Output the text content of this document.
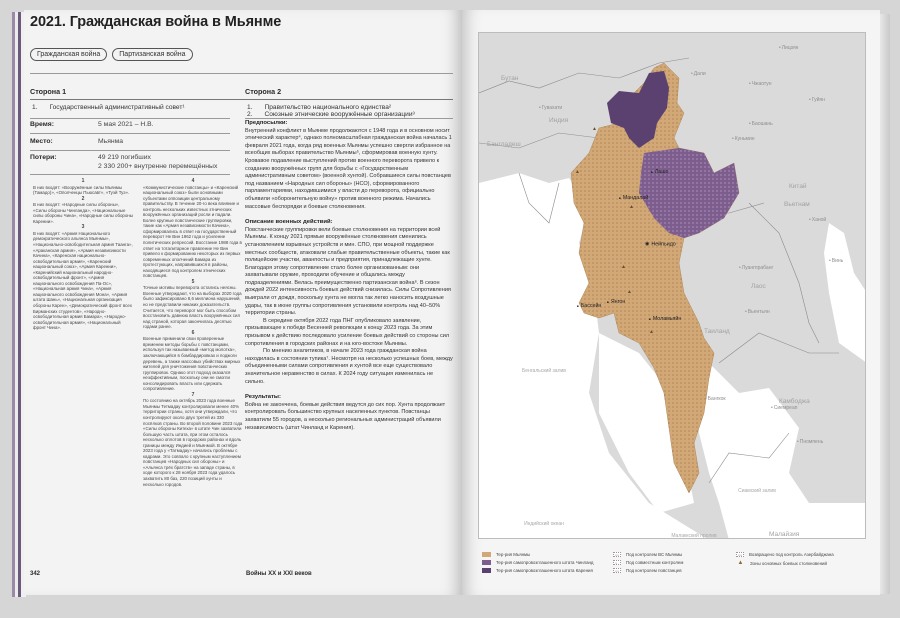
2021. Гражданская война в Мьянме
Гражданская война	Партизанская война
Сторона 1	Сторона 2
1. Государственный административный совет¹	1. Правительство национального единства²
2. Союзные этнические вооружённые организации³
Время:	5 мая 2021 – Н.В.
Место:	Мьянма
Потери:	49 219 погибших
2 330 200+ внутренне перемещённых
1
В них входят: «Вооружённые силы Мьянмы (Тамадо)», «Ополченцы Пьюсавт», «Туэй Туэ».
2
В них входят: «Народные силы обороны», «Силы обороны Чинландa», «Национальные силы обороны Чина», «Народные силы обороны Карении».
3
В них входят: «Армия Национального демократического альянса Мьянмы», «Национально-освободительная армия Таанга», «Араканская армия», «Армия независимости Качина», «Каренская национально-освободительная армия», «Каренский национальный союз», «Армия Карении», «Каренийский национальный народно-освободительный фронт», «Армия национального освобождения Па-Ос», «Национальная армия Чина», «Армия национального освобождения Мона», «Армия штата Шань», «Национальная организация обороны Карен», «Демократический фронт всех Бирманских студентов», «Народно-освободительная армия Бамара», «Народно-освободительная армия», «Национальный фронт Чина».
4
«Коммунистические повстанцы» и «Каренский национальный союз» были основными субъектами оппозиции центральному правительству. В течение 20-го века влияние и контроль нескольких известных этнических вооружённых организаций росли и падали. Более крупные повстанческие группировки, такие как «Армия независимости Качина», сформировались в ответ на государственный переворот Не Вин 1962 года и усиление политических репрессий. Восстание 1988 года в ответ на тоталитарное правление Не Вин привело к формированию некоторых из первых современных ополчений Бамара из протестующих, направившихся в районы, находящиеся под контролем этнических повстанцев.
5
Точные мотивы переворота остались неясны. Военные утверждают, что на выборах 2020 года было зафиксировано 8,6 миллиона нарушений, но не представили никаких доказательств. Считается, что переворот мог быть способом восстановить давнюю власть вооружённых сил над страной, которая закончилась десятью годами ранее.
6
Военные применили свои проверенные временем методы борьбы с повстанцами, используя так называемый «метод молотка», заключающийся в бомбардировках и поджоги деревень, а также массовых убийствах мирных жителей для уничтожения повстанческих группировок. Однако этот подход оказался неэффективным, поскольку они не смогли консолидировать власть или сдержать сопротивление.
7
По состоянию на октябрь 2023 года военные Мьянмы Тетмадау контролировали менее 40% территории страны, хотя они утверждали, что контролируют около двух третей из 330 посёлков страны. Во второй половине 2023 года «Силы обороны Китеха» в штате Чин захватили большую часть штата, при этом осталось несколько оплотов в городских районах и вдоль границы между Индией и Мьянмой. В октябре 2023 года у «Татмадау» начались проблемы с кадрами. Это совпало с крупным наступлением повстанцев «Народных сил обороны» и «Альянса трёх братств» на западе страны, в ходе которого к 28 ноября 2023 года удалось захватить 80 баз, 220 позиций хунты и несколько городов.
Предпосылки:

Внутренний конфликт в Мьянме продолжаются с 1948 года и в основном носит этнический характер⁴, однако полномасштабная гражданская война началась 1 февраля 2021 года, когда ряд военных Мьянмы успешно свергли избранное на всеобщих выборах правительство Мьянмы⁵, сформировав военную хунту. Кровавое подавление выступлений против военного переворота привело к созданию вооружённых групп для борьбы с «Государственным административным советом» (военной хунтой). Собравшиеся силы повстанцев под названием «Народных сил обороны» (НСО), сформированного парламентариями, находившимися у власти до переворота, официально объявили «оборонительную войну» против военного режима. Начались массовые беспорядки и боевые столкновения.

Описание военных действий:

Повстанческие группировки вели боевые столкновения на территории всей Мьянмы. К концу 2021 прямые вооружённые столкновения сменились установлением взрывных устройств и мин. СПО, при мощной поддержке местных сообществ, атаковали слабые правительственные объекты, такие как полицейские участки, аванпосты и предприятия, принадлежащие хунте. Благодаря этому сопротивление стало более организованным: они захватывали оружие, проходили обучение и общались между подразделениями. Велась преимущественно партизанская война⁶. В сезон дождей 2022 интенсивность боевых действий снизилась. Силы Сопротивления выиграли от дождя, поскольку хунта не могла так легко наносить воздушные удары, так в июне группы сопротивления установили контроль над 40–50% территории страны.

В середине октября 2022 года ПНГ опубликовало заявление, призывающее к победе Весенней революции к концу 2023 года. За этим призывом к действию последовало усиление боевых действий со стороны сил сопротивления в городских районах и на юго-востоке Мьянмы.

По мнению аналитиков, в начале 2023 года гражданская война находилась в состоянии тупика⁷. Несмотря на несколько успешных боев, между объединенными силами сопротивления и хунтой все еще существовало значительное неравенство в силах. К 2024 году ситуация изменилась не сильно.

Результаты:

Война не закончена, боевые действия ведутся до сих пор. Хунта продолжает контролировать большинство крупных населенных пунктов. Повстанцы захватили 55 городов, а несколько региональных администраций объявили независимость (штат Чинланд и Карения).

342	Войны ХХ и ХХI веков
▲
▲
▲
▲
▲
▲
Бутан
Индия
Бангладеш
Китай
Вьетнам
Лаос
Таиланд
Камбоджа
Малайзия
Бенгальский залив
Сиамский залив
Индийский океан
Малаккский пролив
■ Лашо
■ Мандалай
◉ Нейпьидо
■ Бассейн
■ Янгон
■ Моламьяйн
• Гувахати
• Лицзян
• Дали
• Чжаотун
• Гуйян
• Баошань
• Куньмин
• Ханой
• Вьентьян
• Луангпрабанг
• Бангкок
• Пномпень
• Сиемреап
• Винь
Тер-рия Мьянмы
Тер-рия самопровозглашенного штата Чинланд
Тер-рия самопровозглашенного штата Карения
x x	Под контролем ВС Мьянмы
x ·	Под совместным контролем
x x	Под контролем повстанцев
x x	Возвращено под контроль Азербайджана
▲	Зоны основных боевых столкновений
